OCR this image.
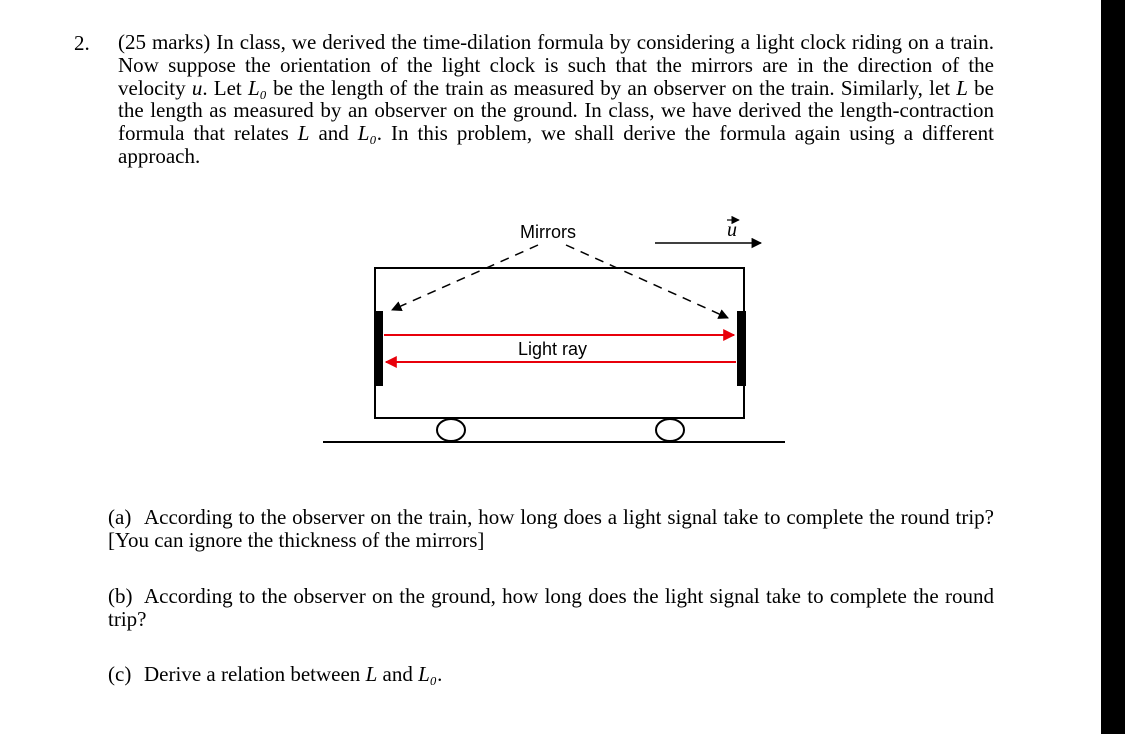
2. (25 marks) In class, we derived the time-dilation formula by considering a light clock riding on a train. Now suppose the orientation of the light clock is such that the mirrors are in the direction of the velocity u. Let L₀ be the length of the train as measured by an observer on the train. Similarly, let L be the length as measured by an observer on the ground. In class, we have derived the length-contraction formula that relates L and L₀. In this problem, we shall derive the formula again using a different approach.
u
Mirrors
Light ray
(a) According to the observer on the train, how long does a light signal take to complete the round trip? [You can ignore the thickness of the mirrors]
(b) According to the observer on the ground, how long does the light signal take to complete the round trip?
(c) Derive a relation between L and L₀.
